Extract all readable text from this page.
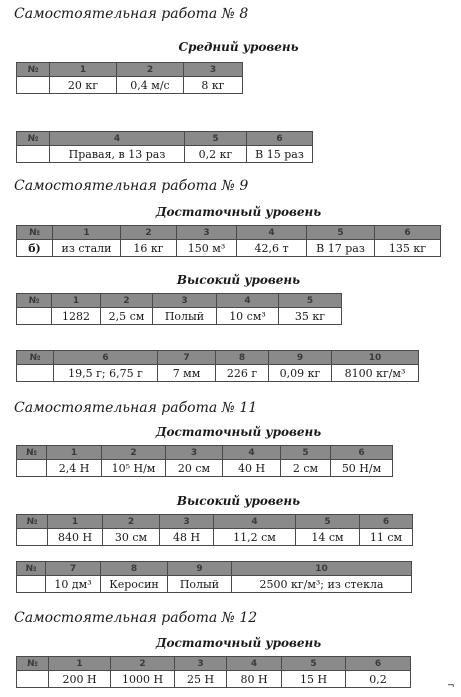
Самостоятельная работа № 8
Средний уровень
№	1	2	3
	20 кг	0,4 м/с	8 кг
№	4	5	6
	Правая, в 13 раз	0,2 кг	В 15 раз
Самостоятельная работа № 9
Достаточный уровень
№	1	2	3	4	5	6
б)	из стали	16 кг	150 м³	42,6 т	В 17 раз	135 кг
Высокий уровень
№	1	2	3	4	5
	1282	2,5 см	Полый	10 см³	35 кг
№	6	7	8	9	10
	19,5 г; 6,75 г	7 мм	226 г	0,09 кг	8100 кг/м³
Самостоятельная работа № 11
Достаточный уровень
№	1	2	3	4	5	6
	2,4 Н	10⁵ Н/м	20 см	40 Н	2 см	50 Н/м
Высокий уровень
№	1	2	3	4	5	6
	840 Н	30 см	48 Н	11,2 см	14 см	11 см
№	7	8	9	10
	10 дм³	Керосин	Полый	2500 кг/м³; из стекла
Самостоятельная работа № 12
Достаточный уровень
№	1	2	3	4	5	6
	200 Н	1000 Н	25 Н	80 Н	15 Н	0,2
¬
